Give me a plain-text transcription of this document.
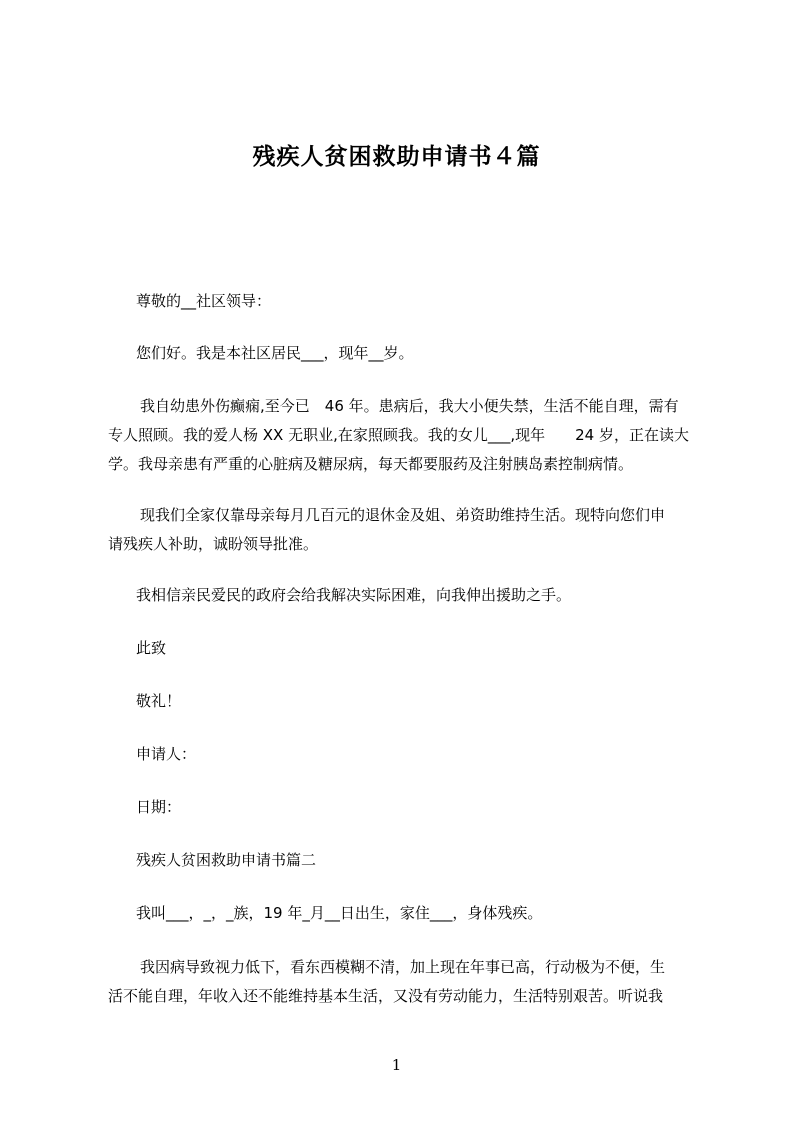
残疾人贫困救助申请书４篇
尊敬的__社区领导：
您们好。我是本社区居民___，现年__岁。
我自幼患外伤癫痫,至今已　46 年。患病后，我大小便失禁，生活不能自理，需有
专人照顾。我的爱人杨 XX 无职业,在家照顾我。我的女儿___,现年　　24 岁，正在读大
学。我母亲患有严重的心脏病及糖尿病，每天都要服药及注射胰岛素控制病情。
现我们全家仅靠母亲每月几百元的退休金及姐、弟资助维持生活。现特向您们申
请残疾人补助，诚盼领导批准。
我相信亲民爱民的政府会给我解决实际困难，向我伸出援助之手。
此致
敬礼！
申请人：
日期：
残疾人贫困救助申请书篇二
我叫___，_，_族，19 年_月__日出生，家住___，身体残疾。
我因病导致视力低下，看东西模糊不清，加上现在年事已高，行动极为不便，生
活不能自理，年收入还不能维持基本生活，又没有劳动能力，生活特别艰苦。听说我
1
